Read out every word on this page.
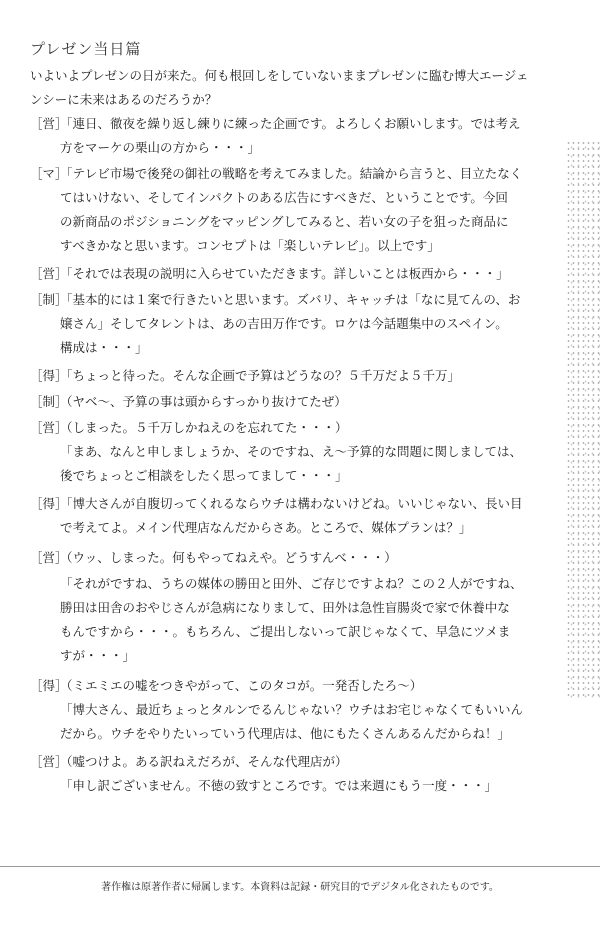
プレゼン当日篇
いよいよプレゼンの日が来た。何も根回しをしていないままプレゼンに臨む博大エージェ
ンシーに未来はあるのだろうか？
［営］「連日、徹夜を繰り返し練りに練った企画です。よろしくお願いします。では考え
方をマーケの栗山の方から・・・」
［マ］「テレビ市場で後発の御社の戦略を考えてみました。結論から言うと、目立たなく
てはいけない、そしてインパクトのある広告にすべきだ、ということです。今回
の新商品のポジショニングをマッピングしてみると、若い女の子を狙った商品に
すべきかなと思います。コンセプトは「楽しいテレビ」。以上です」
［営］「それでは表現の説明に入らせていただきます。詳しいことは板西から・・・」
［制］「基本的には１案で行きたいと思います。ズバリ、キャッチは「なに見てんの、お
嬢さん」そしてタレントは、あの吉田万作です。ロケは今話題集中のスペイン。
構成は・・・」
［得］「ちょっと待った。そんな企画で予算はどうなの？５千万だよ５千万」
［制］（ヤベ～、予算の事は頭からすっかり抜けてたぜ）
［営］（しまった。５千万しかねえのを忘れてた・・・）
「まあ、なんと申しましょうか、そのですね、え～予算的な問題に関しましては、
後でちょっとご相談をしたく思ってまして・・・」
［得］「博大さんが自腹切ってくれるならウチは構わないけどね。いいじゃない、長い目
で考えてよ。メイン代理店なんだからさあ。ところで、媒体プランは？」
［営］（ウッ、しまった。何もやってねえや。どうすんべ・・・）
「それがですね、うちの媒体の勝田と田外、ご存じですよね？この２人がですね、
勝田は田舎のおやじさんが急病になりまして、田外は急性盲腸炎で家で休養中な
もんですから・・・。もちろん、ご提出しないって訳じゃなくて、早急にツメま
すが・・・」
［得］（ミエミエの嘘をつきやがって、このタコが。一発否したろ～）
「博大さん、最近ちょっとタルンでるんじゃない？ウチはお宅じゃなくてもいいん
だから。ウチをやりたいっていう代理店は、他にもたくさんあるんだからね！」
［営］（嘘つけよ。ある訳ねえだろが、そんな代理店が）
「申し訳ございません。不徳の致すところです。では来週にもう一度・・・」
著作権は原著作者に帰属します。本資料は記録・研究目的でデジタル化されたものです。
